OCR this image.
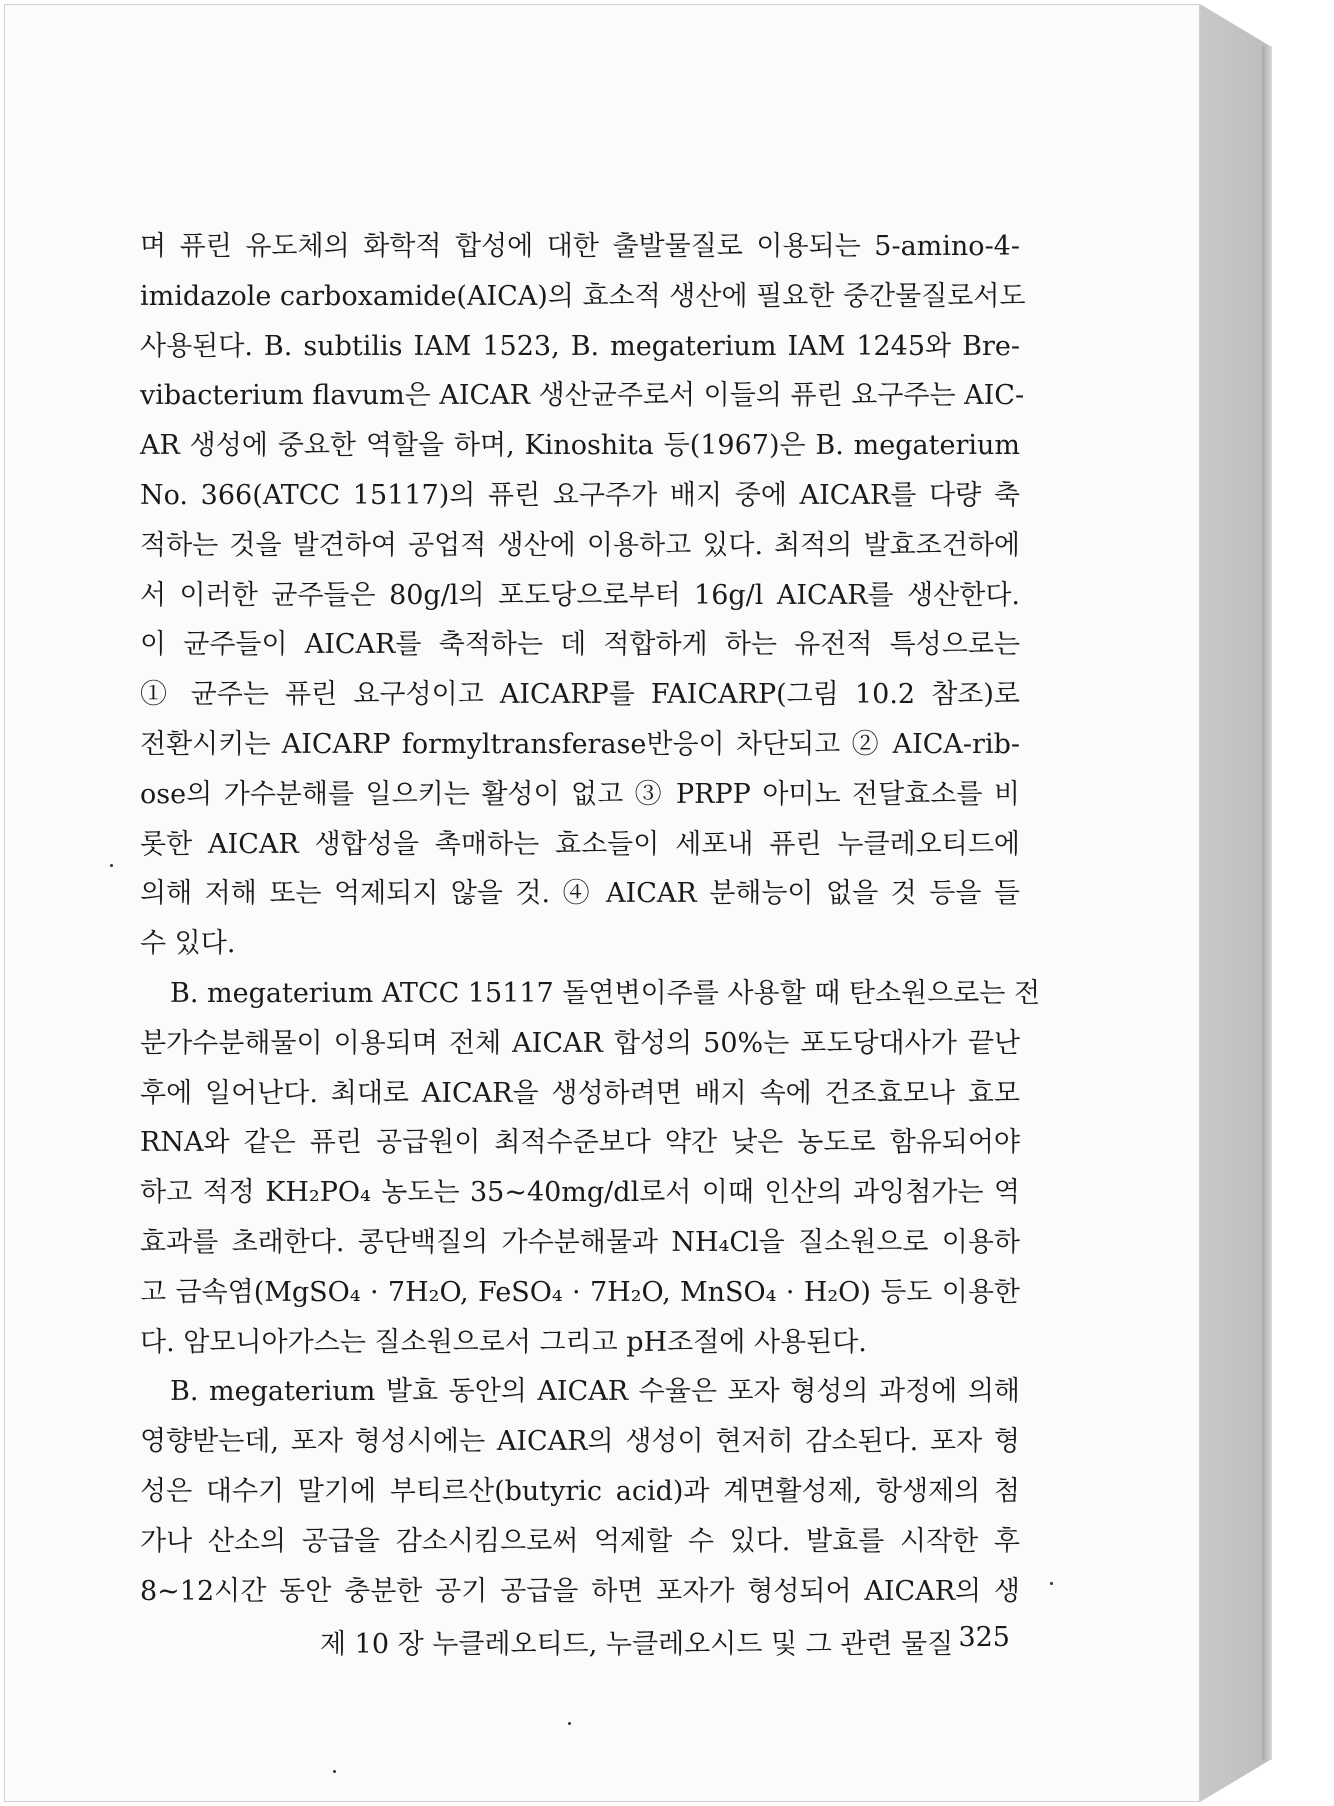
며 퓨린 유도체의 화학적 합성에 대한 출발물질로 이용되는 5-amino-4-
imidazole carboxamide(AICA)의 효소적 생산에 필요한 중간물질로서도
사용된다. B. subtilis IAM 1523, B. megaterium IAM 1245와 Bre-
vibacterium flavum은 AICAR 생산균주로서 이들의 퓨린 요구주는 AIC-
AR 생성에 중요한 역할을 하며, Kinoshita 등(1967)은 B. megaterium
No. 366(ATCC 15117)의 퓨린 요구주가 배지 중에 AICAR를 다량 축
적하는 것을 발견하여 공업적 생산에 이용하고 있다. 최적의 발효조건하에
서 이러한 균주들은 80g/l의 포도당으로부터 16g/l AICAR를 생산한다.
이 균주들이 AICAR를 축적하는 데 적합하게 하는 유전적 특성으로는
① 균주는 퓨린 요구성이고 AICARP를 FAICARP(그림 10.2 참조)로
전환시키는 AICARP formyltransferase반응이 차단되고 ② AICA-rib-
ose의 가수분해를 일으키는 활성이 없고 ③ PRPP 아미노 전달효소를 비
롯한 AICAR 생합성을 촉매하는 효소들이 세포내 퓨린 누클레오티드에
의해 저해 또는 억제되지 않을 것. ④ AICAR 분해능이 없을 것 등을 들
수 있다.
B. megaterium ATCC 15117 돌연변이주를 사용할 때 탄소원으로는 전
분가수분해물이 이용되며 전체 AICAR 합성의 50%는 포도당대사가 끝난
후에 일어난다. 최대로 AICAR을 생성하려면 배지 속에 건조효모나 효모
RNA와 같은 퓨린 공급원이 최적수준보다 약간 낮은 농도로 함유되어야
하고 적정 KH₂PO₄ 농도는 35~40mg/dl로서 이때 인산의 과잉첨가는 역
효과를 초래한다. 콩단백질의 가수분해물과 NH₄Cl을 질소원으로 이용하
고 금속염(MgSO₄ · 7H₂O, FeSO₄ · 7H₂O, MnSO₄ · H₂O) 등도 이용한
다. 암모니아가스는 질소원으로서 그리고 pH조절에 사용된다.
B. megaterium 발효 동안의 AICAR 수율은 포자 형성의 과정에 의해
영향받는데, 포자 형성시에는 AICAR의 생성이 현저히 감소된다. 포자 형
성은 대수기 말기에 부티르산(butyric acid)과 계면활성제, 항생제의 첨
가나 산소의 공급을 감소시킴으로써 억제할 수 있다. 발효를 시작한 후
8~12시간 동안 충분한 공기 공급을 하면 포자가 형성되어 AICAR의 생
제 10 장 누클레오티드, 누클레오시드 및 그 관련 물질 325
